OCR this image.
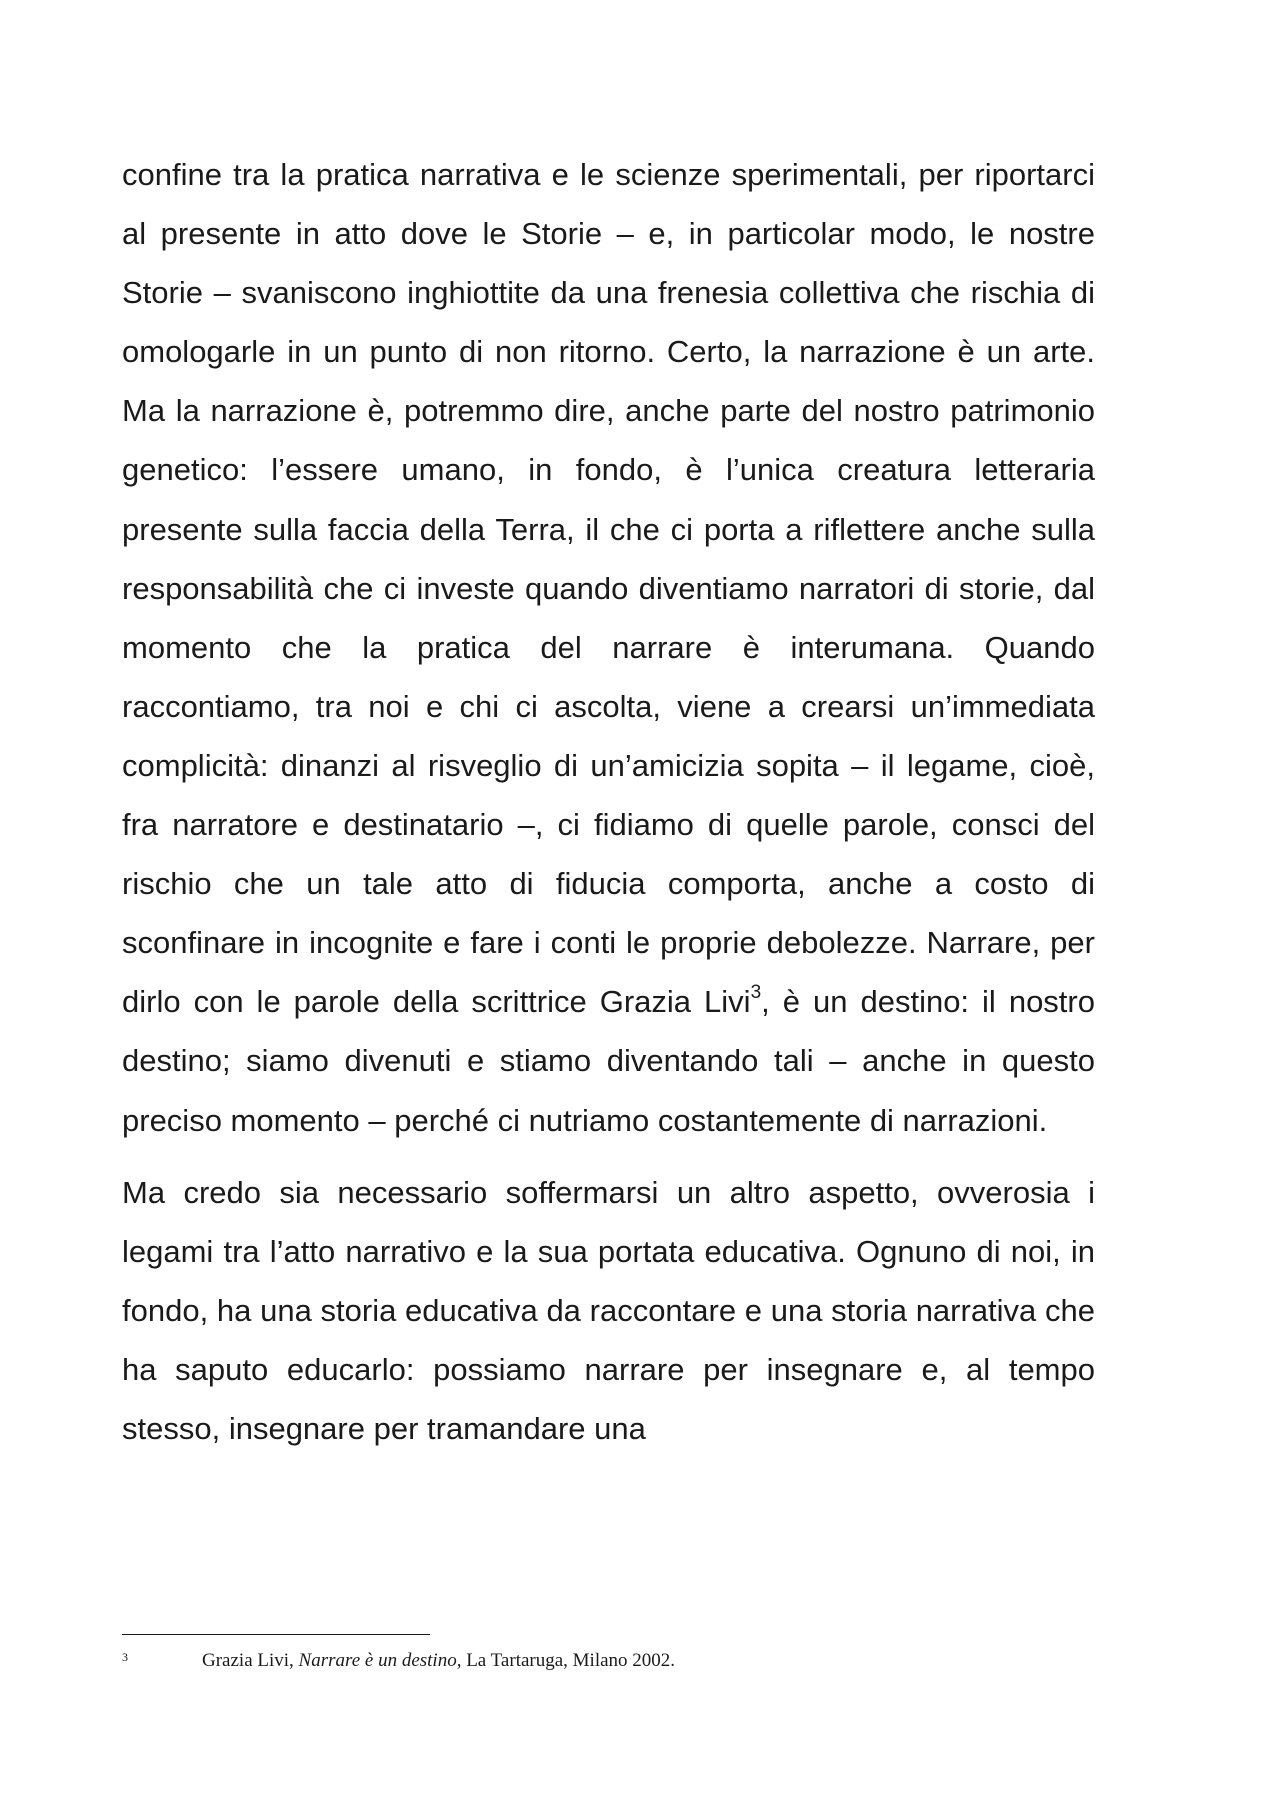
confine tra la pratica narrativa e le scienze sperimentali, per riportarci al presente in atto dove le Storie – e, in particolar modo, le nostre Storie – svaniscono inghiottite da una frenesia collettiva che rischia di omologarle in un punto di non ritorno. Certo, la narrazione è un arte. Ma la narrazione è, potremmo dire, anche parte del nostro patrimonio genetico: l’essere umano, in fondo, è l’unica creatura letteraria presente sulla faccia della Terra, il che ci porta a riflettere anche sulla responsabilità che ci investe quando diventiamo narratori di storie, dal momento che la pratica del narrare è interumana. Quando raccontiamo, tra noi e chi ci ascolta, viene a crearsi un’immediata complicità: dinanzi al risveglio di un’amicizia sopita – il legame, cioè, fra narratore e destinatario –, ci fidiamo di quelle parole, consci del rischio che un tale atto di fiducia comporta, anche a costo di sconfinare in incognite e fare i conti le proprie debolezze. Narrare, per dirlo con le parole della scrittrice Grazia Livi$^3$, è un destino: il nostro destino; siamo divenuti e stiamo diventando tali – anche in questo preciso momento – perché ci nutriamo costantemente di narrazioni.

Ma credo sia necessario soffermarsi un altro aspetto, ovverosia i legami tra l’atto narrativo e la sua portata educativa. Ognuno di noi, in fondo, ha una storia educativa da raccontare e una storia narrativa che ha saputo educarlo: possiamo narrare per insegnare e, al tempo stesso, insegnare per tramandare una

3	Grazia Livi, Narrare è un destino, La Tartaruga, Milano 2002.
